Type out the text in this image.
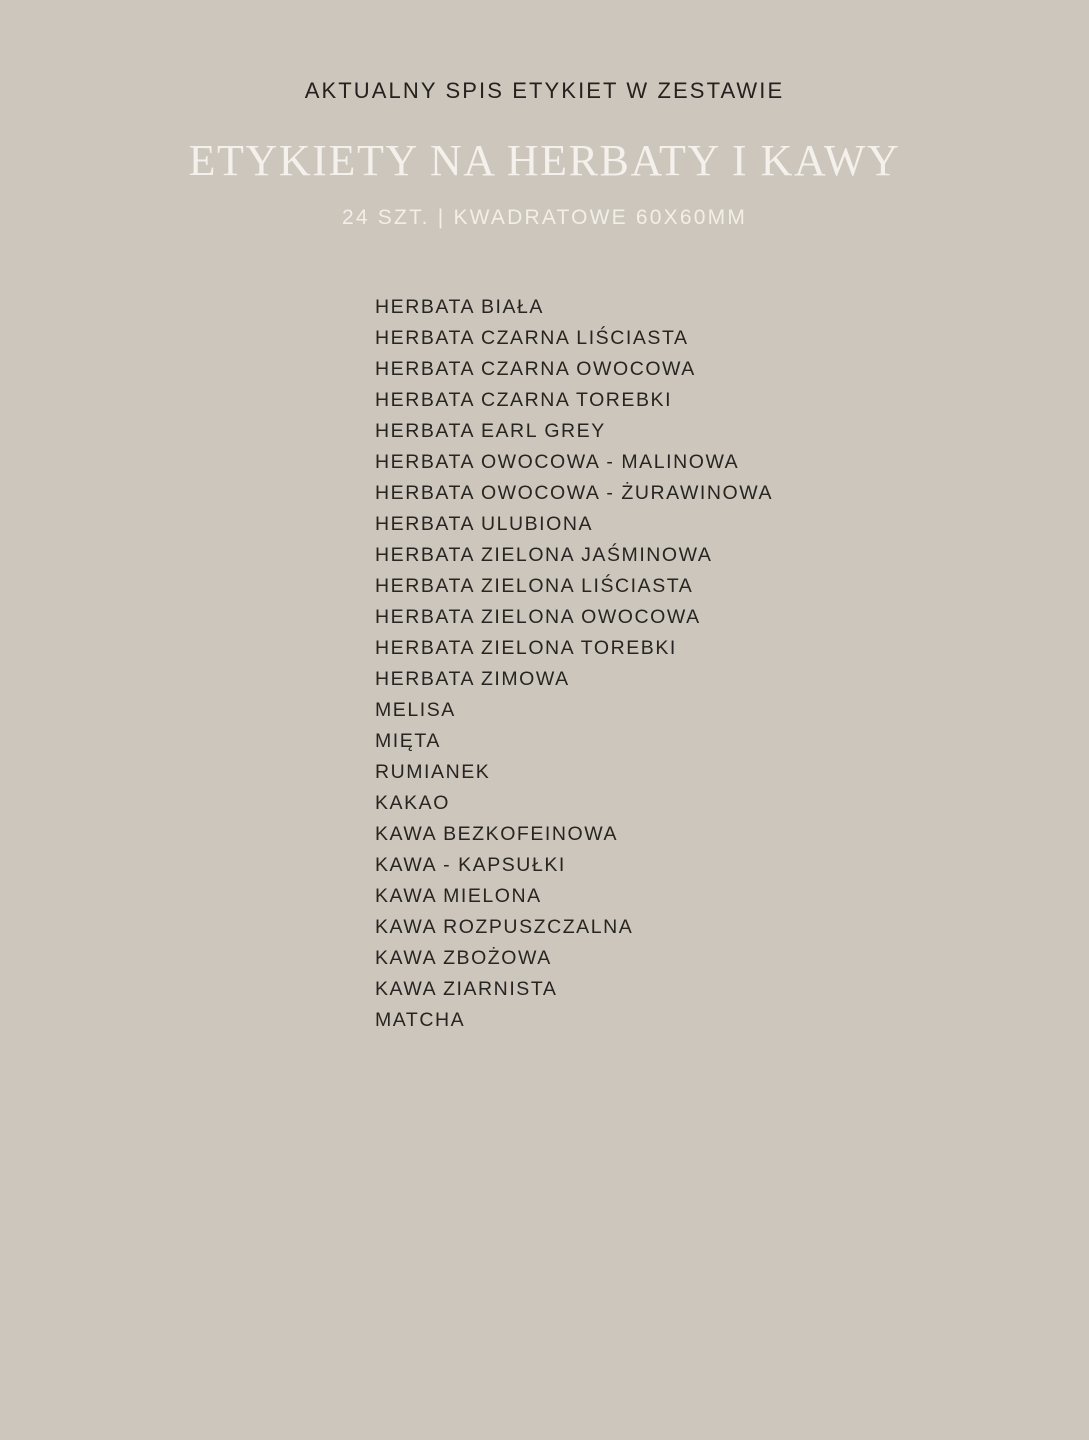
AKTUALNY SPIS ETYKIET W ZESTAWIE
ETYKIETY NA HERBATY I KAWY
24 SZT. | KWADRATOWE 60X60MM
HERBATA BIAŁA
HERBATA CZARNA LIŚCIASTA
HERBATA CZARNA OWOCOWA
HERBATA CZARNA TOREBKI
HERBATA EARL GREY
HERBATA OWOCOWA - MALINOWA
HERBATA OWOCOWA - ŻURAWINOWA
HERBATA ULUBIONA
HERBATA ZIELONA JAŚMINOWA
HERBATA ZIELONA LIŚCIASTA
HERBATA ZIELONA OWOCOWA
HERBATA ZIELONA TOREBKI
HERBATA ZIMOWA
MELISA
MIĘTA
RUMIANEK
KAKAO
KAWA BEZKOFEINOWA
KAWA - KAPSUŁKI
KAWA MIELONA
KAWA ROZPUSZCZALNA
KAWA ZBOŻOWA
KAWA ZIARNISTA
MATCHA
